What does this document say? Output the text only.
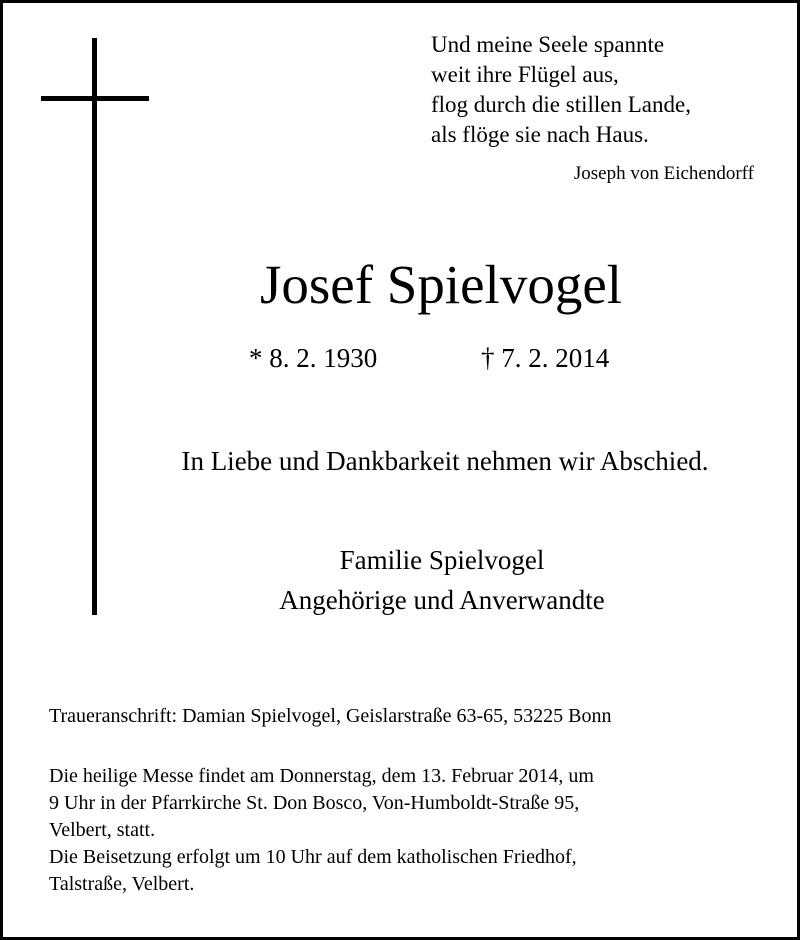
Und meine Seele spannte
weit ihre Flügel aus,
flog durch die stillen Lande,
als flöge sie nach Haus.
Joseph von Eichendorff
Josef Spielvogel
* 8. 2. 1930	† 7. 2. 2014
In Liebe und Dankbarkeit nehmen wir Abschied.
Familie Spielvogel
Angehörige und Anverwandte
Traueranschrift: Damian Spielvogel, Geislarstraße 63-65, 53225 Bonn
Die heilige Messe findet am Donnerstag, dem 13. Februar 2014, um
9 Uhr in der Pfarrkirche St. Don Bosco, Von-Humboldt-Straße 95,
Velbert, statt.
Die Beisetzung erfolgt um 10 Uhr auf dem katholischen Friedhof,
Talstraße, Velbert.
